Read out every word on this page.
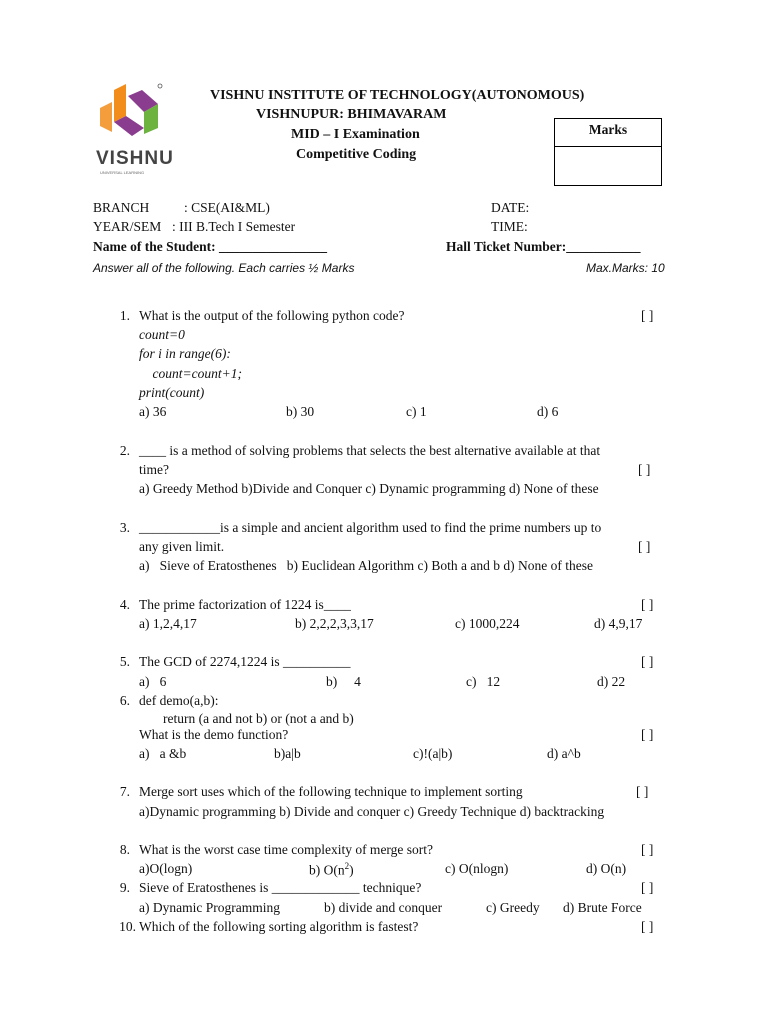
VISHNU
UNIVERSAL LEARNING
VISHNU INSTITUTE OF TECHNOLOGY(AUTONOMOUS)
VISHNUPUR: BHIMAVARAM
MID – I Examination
Competitive Coding
Marks
BRANCH	: CSE(AI&ML)	DATE:
YEAR/SEM : III B.Tech I Semester	TIME:
Name of the Student: ________________	Hall Ticket Number:___________
Answer all of the following. Each carries ½ Marks	Max.Marks: 10
1. What is the output of the following python code?	[ ]
count=0
for i in range(6):
count=count+1;
print(count)
a) 36	b) 30	c) 1	d) 6
2. ____ is a method of solving problems that selects the best alternative available at that
time?	[ ]
a) Greedy Method b)Divide and Conquer c) Dynamic programming d) None of these
3. ____________is a simple and ancient algorithm used to find the prime numbers up to
any given limit.	[ ]
a)   Sieve of Eratosthenes   b) Euclidean Algorithm c) Both a and b d) None of these
4. The prime factorization of 1224 is____	[ ]
a) 1,2,4,17	b) 2,2,2,3,3,17	c) 1000,224	d) 4,9,17
5. The GCD of 2274,1224 is __________	[ ]
a)   6	b)     4	c)   12	d) 22
6. def demo(a,b):
return (a and not b) or (not a and b)
What is the demo function?	[ ]
a)   a &b	b)a|b	c)!(a|b)	d) a^b
7. Merge sort uses which of the following technique to implement sorting	[ ]
a)Dynamic programming b) Divide and conquer c) Greedy Technique d) backtracking
8. What is the worst case time complexity of merge sort?	[ ]
a)O(logn)	b) $O(n^2)$	c) O(nlogn)	d) O(n)
9. Sieve of Eratosthenes is _____________ technique?	[ ]
a) Dynamic Programming	b) divide and conquer	c) Greedy d) Brute Force
10. Which of the following sorting algorithm is fastest?	[ ]
